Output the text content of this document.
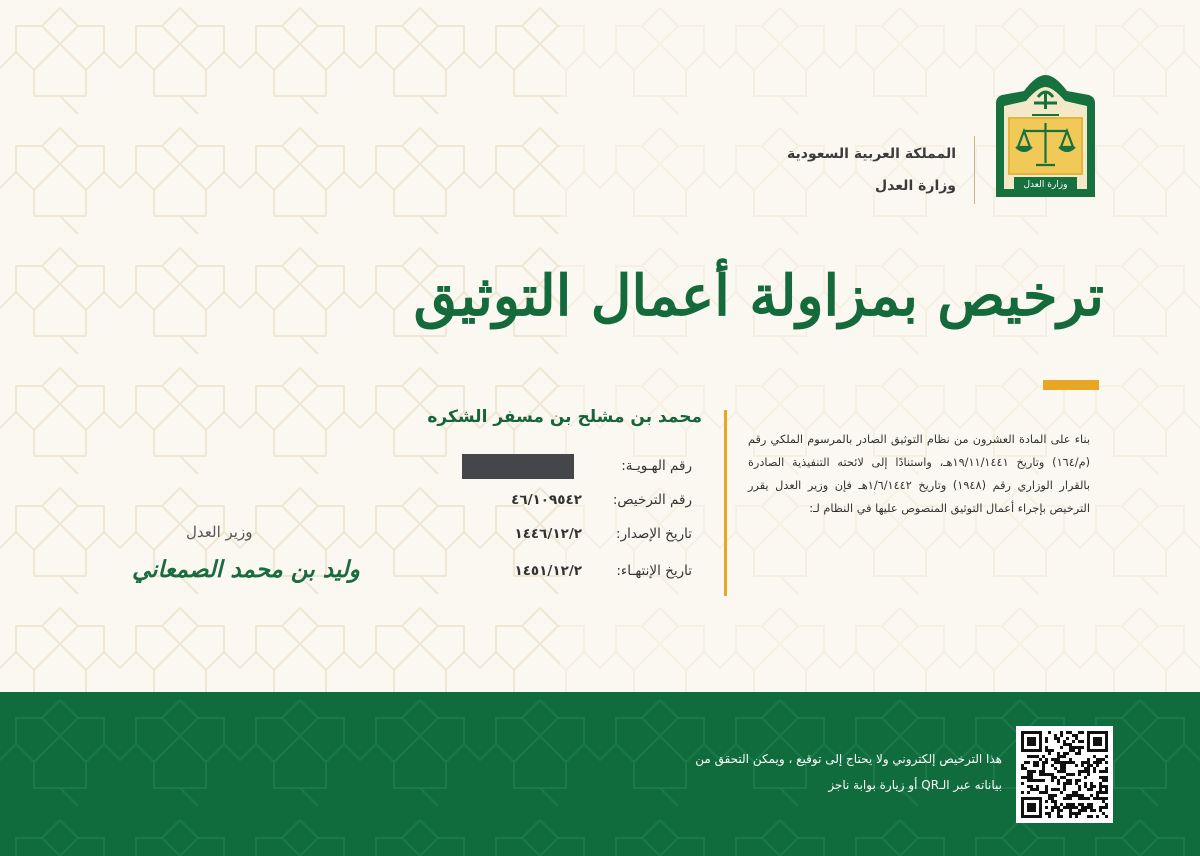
وزارة العدل
المملكة العربية السعودية
وزارة العدل
ترخيص بمزاولة أعمال التوثيق
بناء على المادة العشرون من نظام التوثيق الصادر بالمرسوم الملكي رقم (م/١٦٤) وتاريخ ١٩/١١/١٤٤١هـ، واستنادًا إلى لائحته التنفيذية الصادرة بالقرار الوزاري رقم (١٩٤٨) وتاريخ ١/٦/١٤٤٢هـ فإن وزير العدل يقرر الترخيص بإجراء أعمال التوثيق المنصوص عليها في النظام لـ:
محمد بن مشلح بن مسفر الشكره
رقم الهـويـة:
رقم الترخيص:
٤٦/١٠٩٥٤٢
تاريخ الإصدار:
١٤٤٦/١٢/٢
تاريخ الإنتهـاء:
١٤٥١/١٢/٢
وزير العدل
وليد بن محمد الصمعاني
هذا الترخيص إلكتروني ولا يحتاج إلى توقيع ، ويمكن التحقق من
بياناته عبر الـQR أو زيارة بوابة ناجز
